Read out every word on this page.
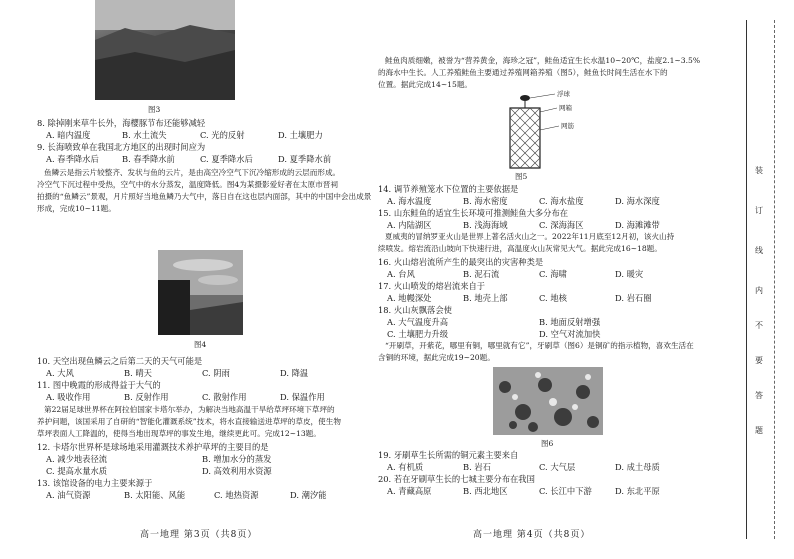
图3
8. 除掉刚来草牛长外，海樱豚节布还能够减轻
A. 暗内温度	B. 水土流失	C. 光的反射	D. 土壤肥力
9. 长海喷致单在我国北方地区的出现时间应为
A. 春季降水后	B. 春季降水前	C. 夏季降水后	D. 夏季降水前
鱼鳞云是指云片较整齐、发状与鱼的云片，是由高空冷空气下沉冷缩形成的云层而形成。
冷空气下沉过程中受热，空气中的水分蒸发，温度降低。图4为某摄影爱好者在太原市晋祠
拍摄的“鱼鳞云”景观，月片照好当地鱼鳞乃大气中，落日自在这也层内面部，其中的中国中会出成景
形成，完成10~11题。
图4
10. 天空出现鱼鳞云之后第二天的天气可能是
A. 大风	B. 晴天	C. 阴雨	D. 降温
11. 图中晚霞的形成得益于大气的
A. 吸收作用	B. 反射作用	C. 散射作用	D. 保温作用
第22届足球世界杯在阿拉伯国家卡塔尔举办，为解决当地高温干旱给草坪环境下草坪的
养护问题，该国采用了自研的“智能化灌溉系统”技术，将水直接输送进草坪的草皮，使生物
草坪表面人工降温的，使得当地出现草坪的事发生地，继续更此可。完成12~13题。
12. 卡塔尔世界杯是球场地采用灌溉技术养护草坪的主要目的是
A. 减少地表径流	B. 增加水分的蒸发
C. 提高水量水质	D. 高效利用水资源
13. 该馆设备的电力主要来源于
A. 油气资源	B. 太阳能、风能	C. 地热资源	D. 潮汐能
高一地理 第3页（共8页）
鲑鱼肉质细嫩，被誉为“营养黄金，海珍之冠”，鲑鱼适宜生长水温10~20℃，盐度2.1~3.5%
的海水中生长。人工养殖鲑鱼主要通过养殖网箱养殖（图5），鲑鱼长时间生活在水下的
位置。据此完成14~15题。
浮球
网箱
网筋
图5
14. 调节养殖笼水下位置的主要依据是
A. 海水温度	B. 海水密度	C. 海水盐度	D. 海水深度
15. 山东鲑鱼的适宜生长环境可推测鲑鱼大多分布在
A. 内陆湖区	B. 浅海海域	C. 深海海区	D. 海滩滩带
夏威夷的冒纳罗亚火山是世界上著名活火山之一。2022年11月底至12月初，该火山持
续喷发。熔岩流沿山坡向下快速行进，高温度火山灰常见大气。据此完成16~18题。
16. 火山熔岩流所产生的最突出的灾害种类是
A. 台风	B. 泥石流	C. 海啸	D. 暖灾
17. 火山喷发的熔岩流来自于
A. 地幔深处	B. 地壳上部	C. 地核	D. 岩石圈
18. 火山灰飘落会使
A. 大气温度升高	B. 地面反射增强
C. 土壤肥力升级	D. 空气对流加快
“开刷草，开紫花，哪里有铜，哪里就有它”，牙刷草（图6）是铜矿的指示植物，喜欢生活在
含铜的环境，据此完成19~20题。
图6
19. 牙刷草生长所需的铜元素主要来自
A. 有机质	B. 岩石	C. 大气层	D. 成土母质
20. 若在牙刷草生长的七城主要分布在我国
A. 青藏高原	B. 西北地区	C. 长江中下游	D. 东北平原
高一地理 第4页（共8页）
装
订
线
内
不
要
答
题
